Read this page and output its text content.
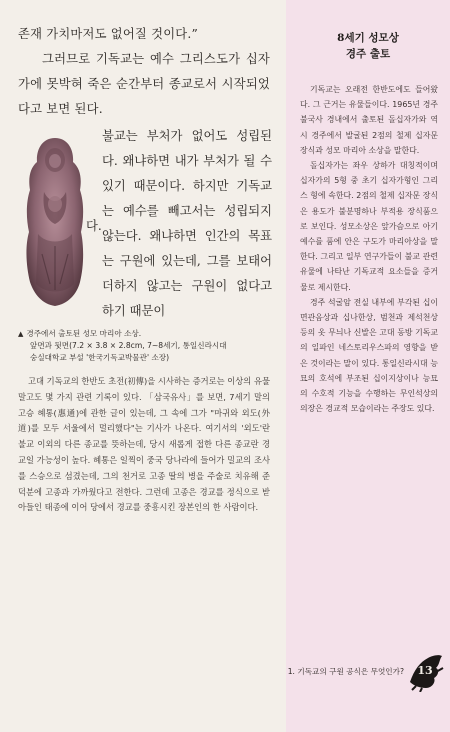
존재 가치마저도 없어질 것이다.”

그러므로 기독교는 예수 그리스도가 십자가에 못박혀 죽은 순간부터 종교로서 시작되었다고 보면 된다.

불교는 부처가 없어도 성립된다. 왜냐하면 내가 부처가 될 수 있기 때문이다. 하지만 기독교는 예수를 빼고서는 성립되지 않는다. 왜냐하면 인간의 목표는 구원에 있는데, 그를 보태어 더하지 않고는 구원이 없다고 하기 때문이
다.
▲ 경주에서 출토된 성모 마리아 소상.
앞면과 뒷면(7.2 × 3.8 × 2.8cm, 7~8세기, 통일신라시대
숭실대학교 부설 '한국기독교박물관' 소장)
고대 기독교의 한반도 초전(初傳)을 시사하는 증거로는 이상의 유물 말고도 몇 가지 관련 기록이 있다. 「삼국유사」를 보면, 7세기 말의 고승 혜통(惠通)에 관한 글이 있는데, 그 속에 그가 "마귀와 외도(外道)를 모두 서울에서 멀리했다"는 기사가 나온다. 여기서의 '외도'란 불교 이외의 다른 종교를 뜻하는데, 당시 새롭게 접한 다른 종교란 경교일 가능성이 높다. 혜통은 일찍이 중국 당나라에 들어가 밀교의 조사를 스승으로 섬겼는데, 그의 천거로 고종 딸의 병을 주술로 치유해 준 덕분에 고종과 가까웠다고 전한다. 그런데 고종은 경교를 정식으로 받아들인 태종에 이어 당에서 경교를 중흥시킨 장본인의 한 사람이다.
8세기 성모상
경주 출토

기독교는 오래전 한반도에도 들어왔다. 그 근거는 유물들이다. 1965년 경주 불국사 경내에서 출토된 돌십자가와 역시 경주에서 발굴된 2점의 철제 십자문 장식과 성모 마리아 소상을 말한다.

돌십자가는 좌우 상하가 대칭적이며 십자가의 5형 중 초기 십자가형인 그리스 형에 속한다. 2점의 철제 십자문 장식은 용도가 불분명하나 부적용 장식품으로 보인다. 성모소상은 앞가슴으로 아기 예수를 품에 안은 구도가 마리아상을 말한다. 그리고 일부 연구가들이 불교 관련 유물에 나타난 기독교적 요소들을 증거물로 제시한다.

경주 석굴암 전실 내부에 부각된 십이면관음상과 십나한상, 범천과 제석천상 등의 옷 무늬나 신발은 고대 동방 기독교의 일파인 네스토리우스파의 영향을 받은 것이라는 말이 있다. 통일신라시대 능묘의 호석에 부조된 십이지상이나 능묘의 수호적 기능을 수행하는 무인석상의 의장은 경교적 모습이라는 주장도 있다.

1. 기독교의 구원 공식은 무엇인가?	13
